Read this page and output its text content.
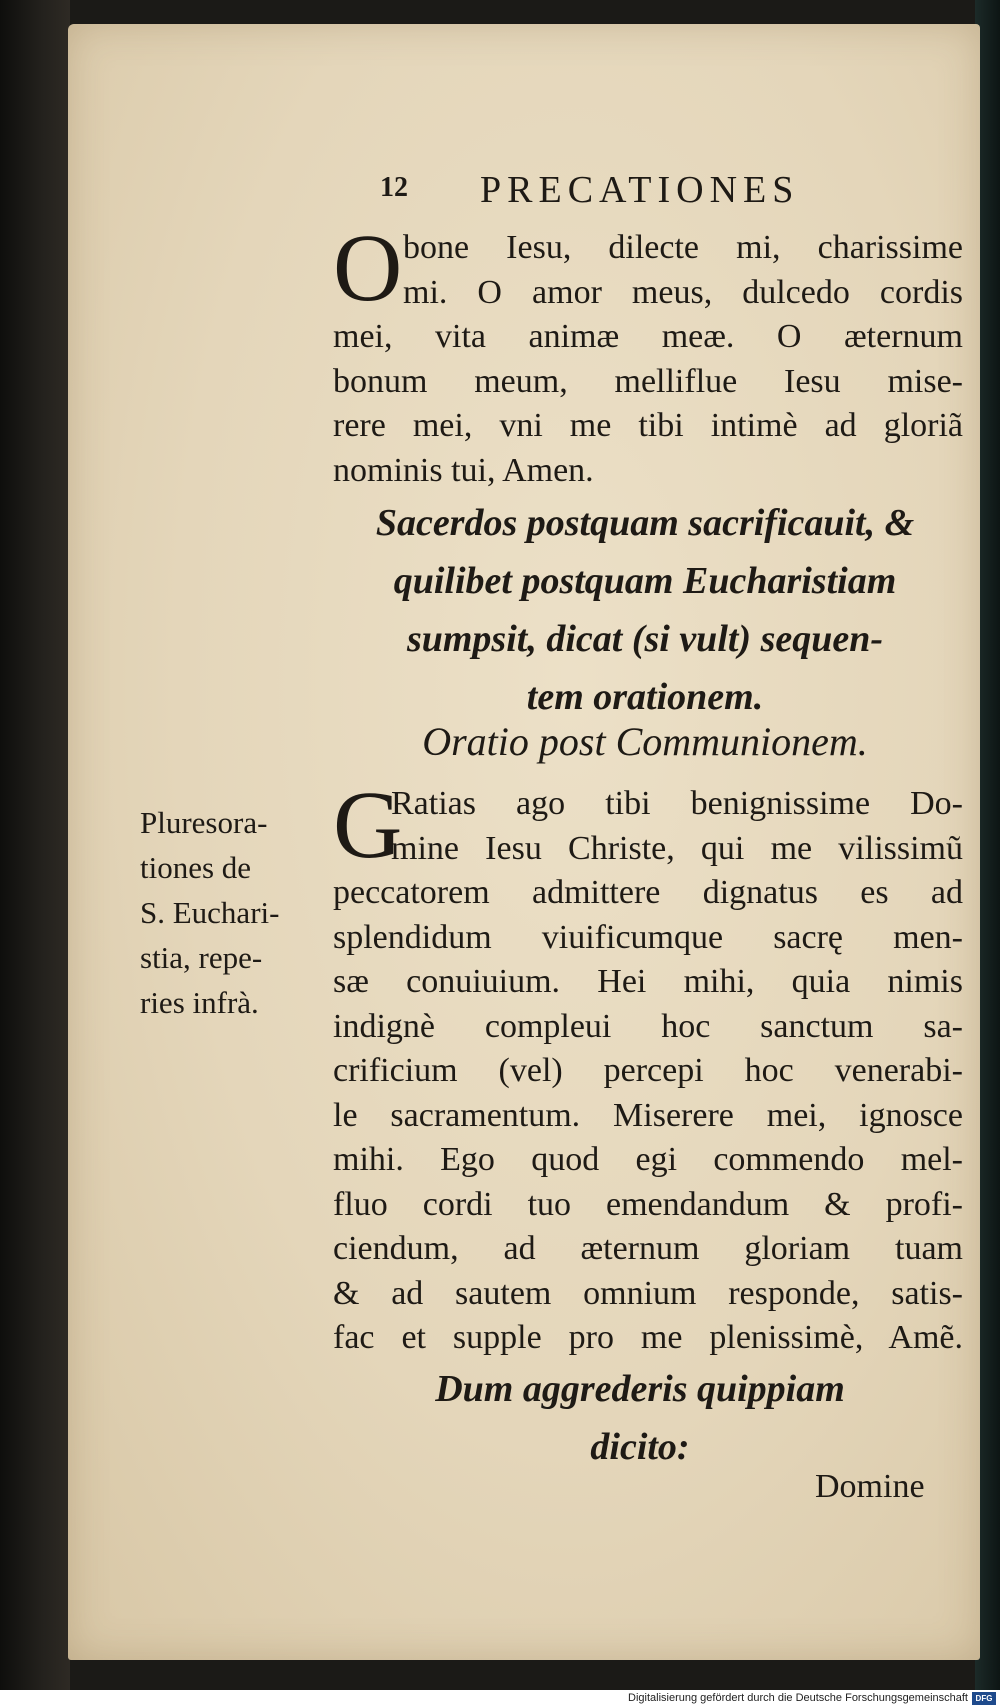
12 PRECATIONES
O bone Iesu, dilecte mi, charissime
mi. O amor meus, dulcedo cordis
mei, vita animæ meæ. O æternum
bonum meum, melliflue Iesu mise-
rere mei, vni me tibi intimè ad gloriã
nominis tui, Amen.
Sacerdos postquam sacrificauit, &
quilibet postquam Eucharistiam
sumpsit, dicat (si vult) sequen-
tem orationem.
Oratio post Communionem.
Pluresora-
tiones de
S. Euchari-
stia, repe-
ries infrà.
G
Ratias ago tibi benignissime Do-
mine Iesu Christe, qui me vilissimũ
peccatorem admittere dignatus es ad
splendidum viuificumque sacrę men-
sæ conuiuium. Hei mihi, quia nimis
indignè compleui hoc sanctum sa-
crificium (vel) percepi hoc venerabi-
le sacramentum. Miserere mei, ignosce
mihi. Ego quod egi commendo mel-
fluo cordi tuo emendandum & profi-
ciendum, ad æternum gloriam tuam
& ad sautem omnium responde, satis-
fac et supple pro me plenissimè, Amẽ.
Dum aggrederis quippiam
dicito:
Domine
Digitalisierung gefördert durch die Deutsche Forschungsgemeinschaft DFG
